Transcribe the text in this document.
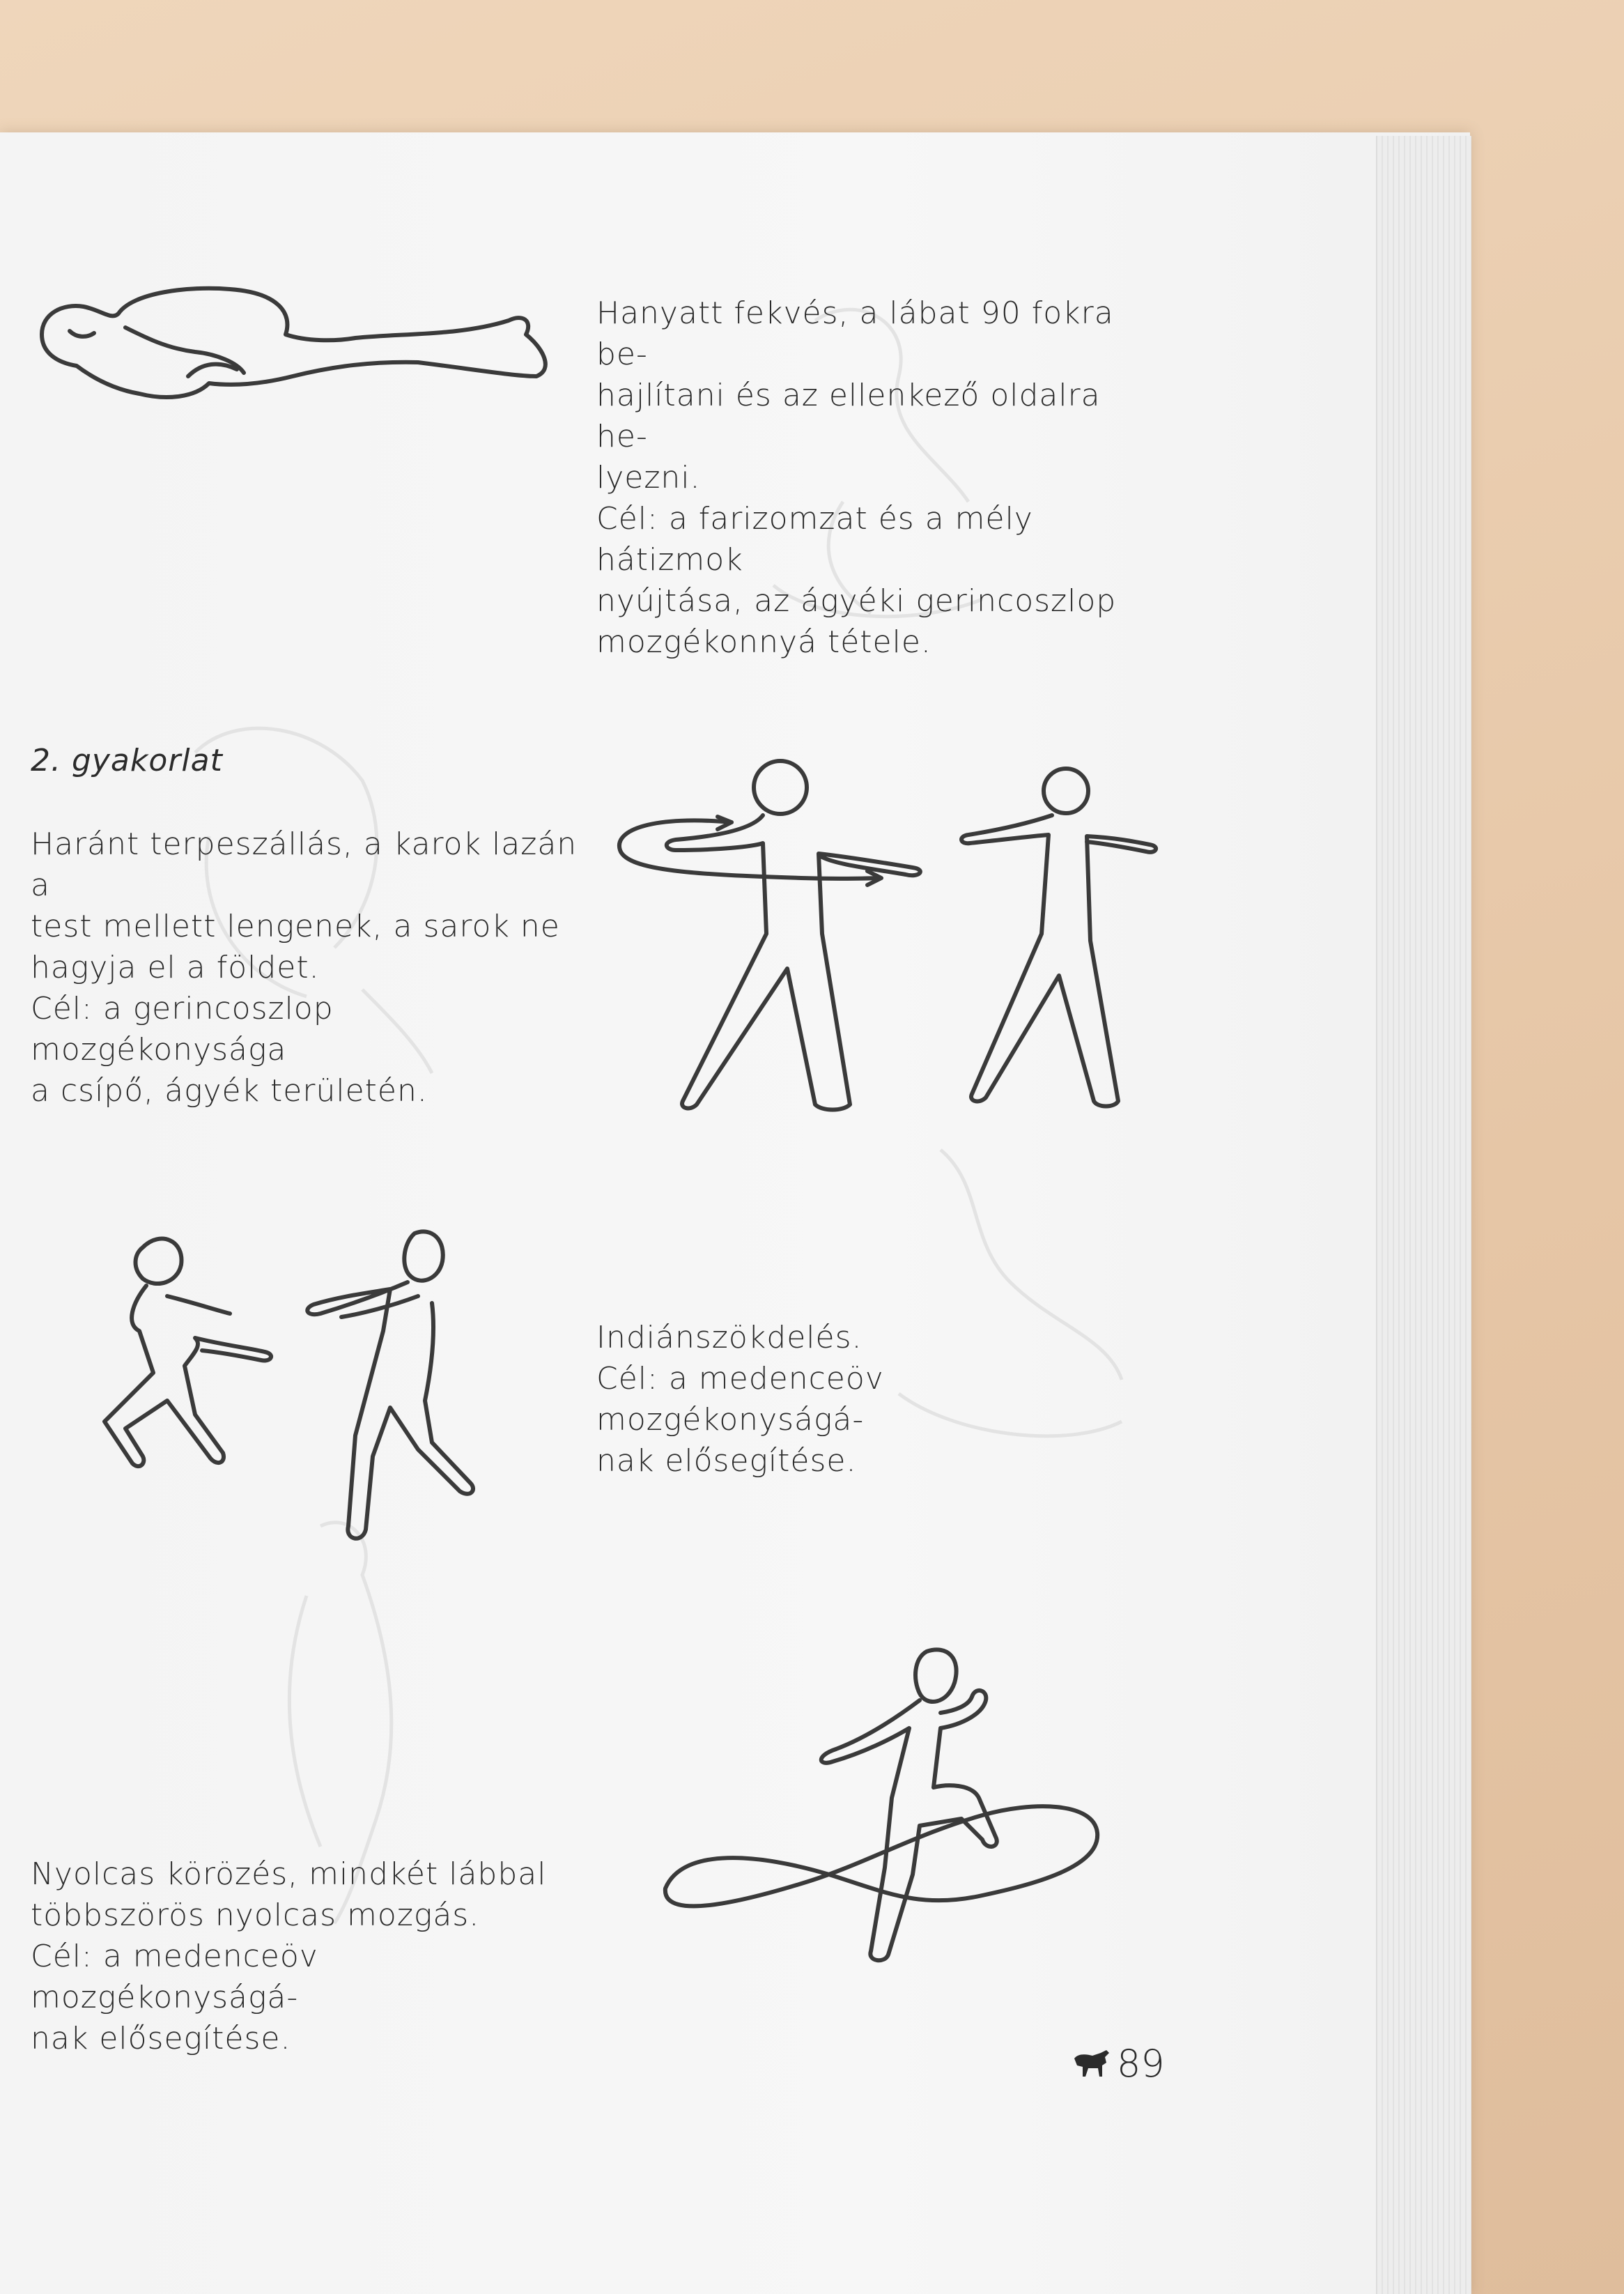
Hanyatt fekvés, a lábat 90 fokra be-
hajlítani és az ellenkező oldalra he-
lyezni.
Cél: a farizomzat és a mély hátizmok
nyújtása, az ágyéki gerincoszlop
mozgékonnyá tétele.
2. gyakorlat
Haránt terpeszállás, a karok lazán a
test mellett lengenek, a sarok ne
hagyja el a földet.
Cél: a gerincoszlop mozgékonysága
a csípő, ágyék területén.
Indiánszökdelés.
Cél: a medenceöv mozgékonyságá-
nak elősegítése.
Nyolcas körözés, mindkét lábbal
többszörös nyolcas mozgás.
Cél: a medenceöv mozgékonyságá-
nak elősegítése.
89
